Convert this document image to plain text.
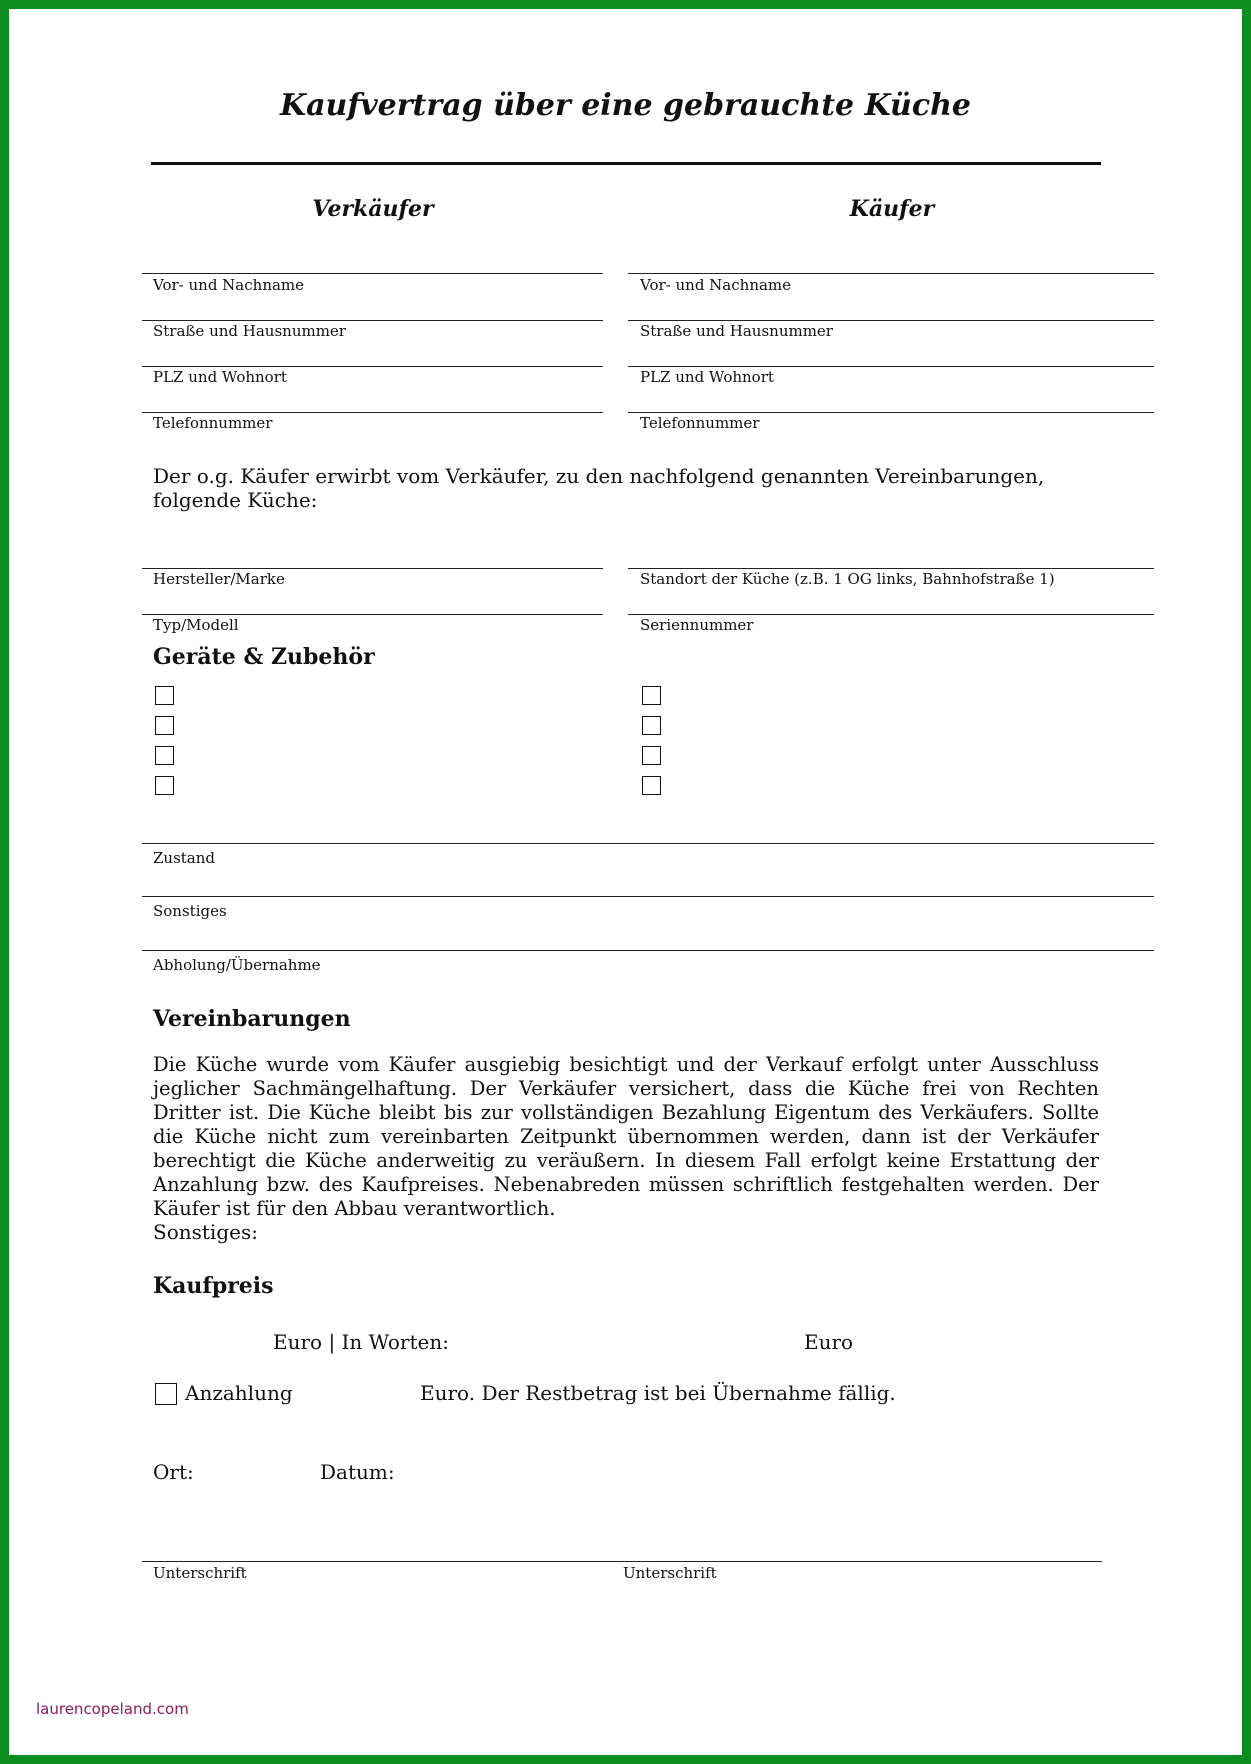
Kaufvertrag über eine gebrauchte Küche
Verkäufer	Käufer
Vor- und Nachname
Straße und Hausnummer
PLZ und Wohnort
Telefonnummer
Vor- und Nachname
Straße und Hausnummer
PLZ und Wohnort
Telefonnummer
Der o.g. Käufer erwirbt vom Verkäufer, zu den nachfolgend genannten Vereinbarungen, folgende Küche:
Hersteller/Marke
Typ/Modell
Standort der Küche (z.B. 1 OG links, Bahnhofstraße 1)
Seriennummer
Geräte & Zubehör
Zustand
Sonstiges
Abholung/Übernahme
Vereinbarungen
Die Küche wurde vom Käufer ausgiebig besichtigt und der Verkauf erfolgt unter Ausschluss jeglicher Sachmängelhaftung. Der Verkäufer versichert, dass die Küche frei von Rechten Dritter ist. Die Küche bleibt bis zur vollständigen Bezahlung Eigentum des Verkäufers. Sollte die Küche nicht zum vereinbarten Zeitpunkt übernommen werden, dann ist der Verkäufer berechtigt die Küche anderweitig zu veräußern. In diesem Fall erfolgt keine Erstattung der Anzahlung bzw. des Kaufpreises. Nebenabreden müssen schriftlich festgehalten werden. Der Käufer ist für den Abbau verantwortlich.
Sonstiges:
Kaufpreis
Euro | In Worten:	Euro
Anzahlung	Euro. Der Restbetrag ist bei Übernahme fällig.
Ort:	Datum:
Unterschrift	Unterschrift
laurencopeland.com
